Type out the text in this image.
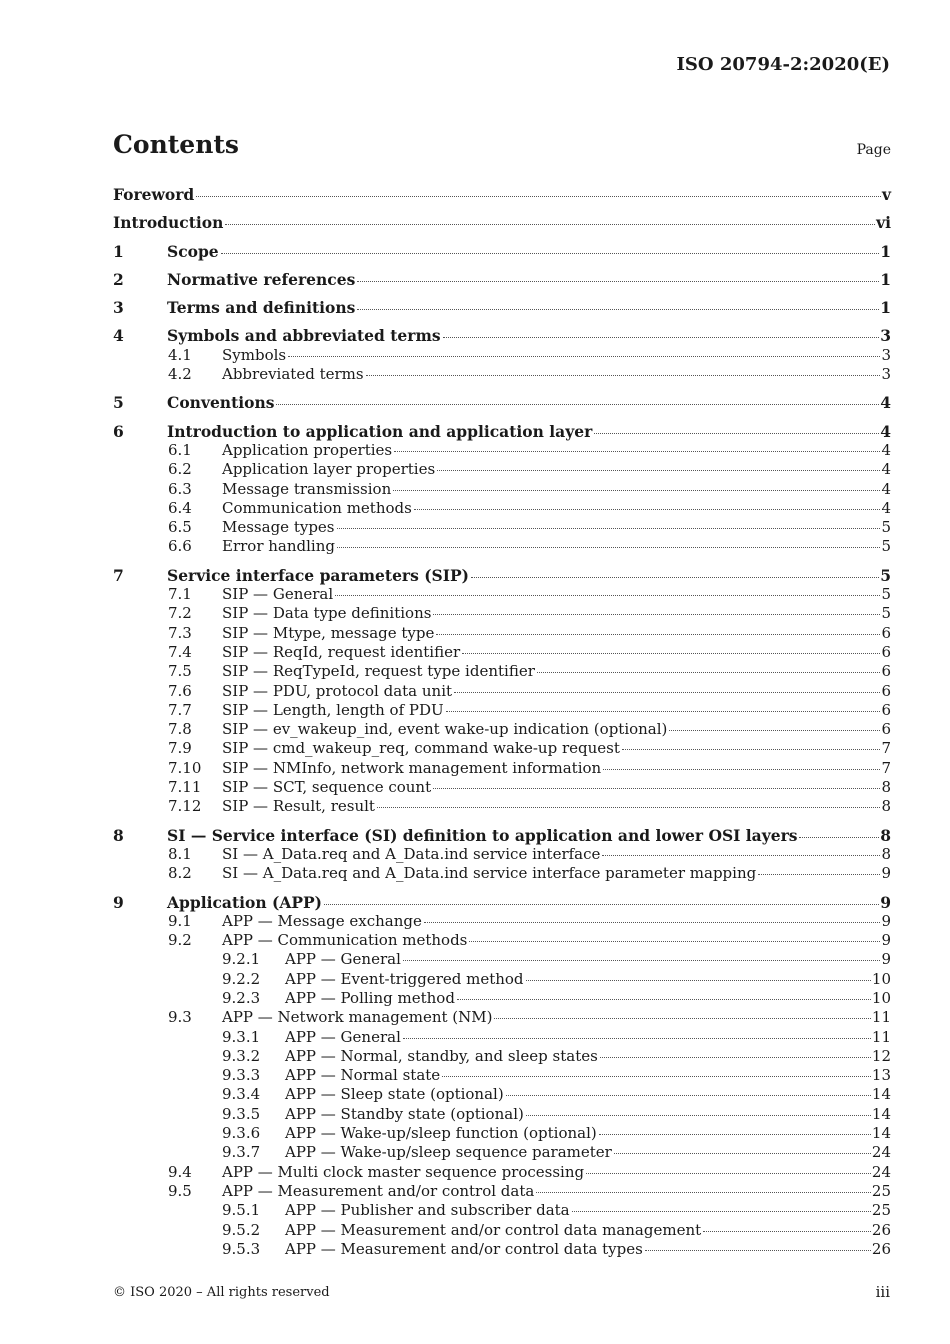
ISO 20794-2:2020(E)
Contents	Page
Foreword	v
Introduction	vi
1	Scope	1
2	Normative references	1
3	Terms and definitions	1
4	Symbols and abbreviated terms	3
4.1 Symbols	3
4.2 Abbreviated terms	3
5	Conventions	4
6	Introduction to application and application layer	4
6.1 Application properties	4
6.2 Application layer properties	4
6.3 Message transmission	4
6.4 Communication methods	4
6.5 Message types	5
6.6 Error handling	5
7	Service interface parameters (SIP)	5
7.1 SIP — General	5
7.2 SIP — Data type definitions	5
7.3 SIP — Mtype, message type	6
7.4 SIP — ReqId, request identifier	6
7.5 SIP — ReqTypeId, request type identifier	6
7.6 SIP — PDU, protocol data unit	6
7.7 SIP — Length, length of PDU	6
7.8 SIP — ev_wakeup_ind, event wake-up indication (optional)	6
7.9 SIP — cmd_wakeup_req, command wake-up request	7
7.10 SIP — NMInfo, network management information	7
7.11 SIP — SCT, sequence count	8
7.12 SIP — Result, result	8
8	SI — Service interface (SI) definition to application and lower OSI layers	8
8.1 SI — A_Data.req and A_Data.ind service interface	8
8.2 SI — A_Data.req and A_Data.ind service interface parameter mapping	9
9	Application (APP)	9
9.1 APP — Message exchange	9
9.2 APP — Communication methods	9
9.2.1 APP — General	9
9.2.2 APP — Event-triggered method	10
9.2.3 APP — Polling method	10
9.3 APP — Network management (NM)	11
9.3.1 APP — General	11
9.3.2 APP — Normal, standby, and sleep states	12
9.3.3 APP — Normal state	13
9.3.4 APP — Sleep state (optional)	14
9.3.5 APP — Standby state (optional)	14
9.3.6 APP — Wake-up/sleep function (optional)	14
9.3.7 APP — Wake-up/sleep sequence parameter	24
9.4 APP — Multi clock master sequence processing	24
9.5 APP — Measurement and/or control data	25
9.5.1 APP — Publisher and subscriber data	25
9.5.2 APP — Measurement and/or control data management	26
9.5.3 APP — Measurement and/or control data types	26
© ISO 2020 – All rights reserved	iii
